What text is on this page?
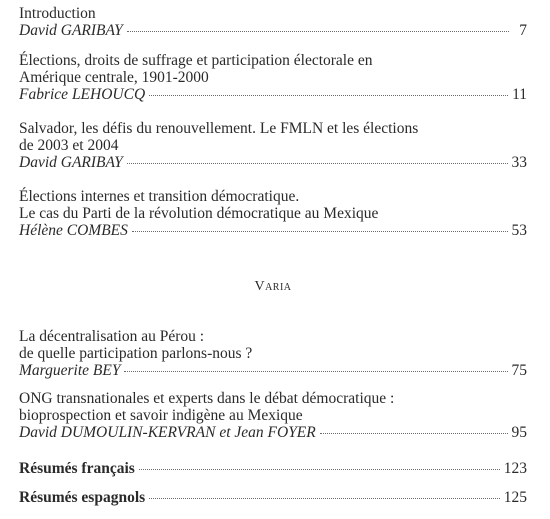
Introduction
David GARIBAY	7
Élections, droits de suffrage et participation électorale en
Amérique centrale, 1901-2000
Fabrice LEHOUCQ	11
Salvador, les défis du renouvellement. Le FMLN et les élections
de 2003 et 2004
David GARIBAY	33
Élections internes et transition démocratique.
Le cas du Parti de la révolution démocratique au Mexique
Hélène COMBES	53
Varia
La décentralisation au Pérou :
de quelle participation parlons-nous ?
Marguerite BEY	75
ONG transnationales et experts dans le débat démocratique :
bioprospection et savoir indigène au Mexique
David DUMOULIN-KERVRAN et Jean FOYER	95
Résumés français	123
Résumés espagnols	125
